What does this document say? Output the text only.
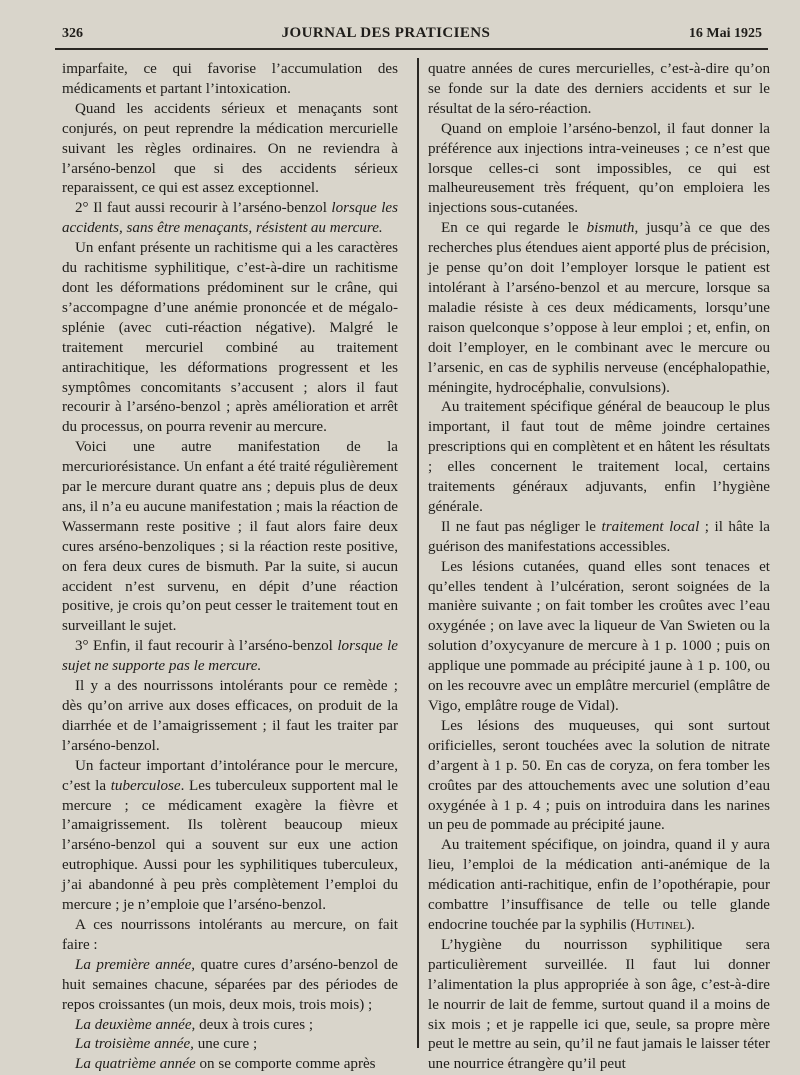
326	JOURNAL DES PRATICIENS	16 Mai 1925

imparfaite, ce qui favorise l’accumulation des médicaments et partant l’intoxication.

Quand les accidents sérieux et menaçants sont conjurés, on peut reprendre la médication mercurielle suivant les règles ordinaires. On ne reviendra à l’arséno-benzol que si des accidents sérieux reparaissent, ce qui est assez exceptionnel.

2° Il faut aussi recourir à l’arséno-benzol lorsque les accidents, sans être menaçants, résistent au mercure.

Un enfant présente un rachitisme qui a les caractères du rachitisme syphilitique, c’est-à-dire un rachitisme dont les déformations prédominent sur le crâne, qui s’accompagne d’une anémie prononcée et de mégalo-splénie (avec cuti-réaction négative). Malgré le traitement mercuriel combiné au traitement antirachitique, les déformations progressent et les symptômes concomitants s’accusent ; alors il faut recourir à l’arséno-benzol ; après amélioration et arrêt du processus, on pourra revenir au mercure.

Voici une autre manifestation de la mercuriorésistance. Un enfant a été traité régulièrement par le mercure durant quatre ans ; depuis plus de deux ans, il n’a eu aucune manifestation ; mais la réaction de Wassermann reste positive ; il faut alors faire deux cures arséno-benzoliques ; si la réaction reste positive, on fera deux cures de bismuth. Par la suite, si aucun accident n’est survenu, en dépit d’une réaction positive, je crois qu’on peut cesser le traitement tout en surveillant le sujet.

3° Enfin, il faut recourir à l’arséno-benzol lorsque le sujet ne supporte pas le mercure.

Il y a des nourrissons intolérants pour ce remède ; dès qu’on arrive aux doses efficaces, on produit de la diarrhée et de l’amaigrissement ; il faut les traiter par l’arséno-benzol.

Un facteur important d’intolérance pour le mercure, c’est la tuberculose. Les tuberculeux supportent mal le mercure ; ce médicament exagère la fièvre et l’amaigrissement. Ils tolèrent beaucoup mieux l’arséno-benzol qui a souvent sur eux une action eutrophique. Aussi pour les syphilitiques tuberculeux, j’ai abandonné à peu près complètement l’emploi du mercure ; je n’emploie que l’arséno-benzol.

A ces nourrissons intolérants au mercure, on fait faire :

La première année, quatre cures d’arséno-benzol de huit semaines chacune, séparées par des périodes de repos croissantes (un mois, deux mois, trois mois) ;

La deuxième année, deux à trois cures ;

La troisième année, une cure ;

La quatrième année on se comporte comme après

quatre années de cures mercurielles, c’est-à-dire qu’on se fonde sur la date des derniers accidents et sur le résultat de la séro-réaction.

Quand on emploie l’arséno-benzol, il faut donner la préférence aux injections intra-veineuses ; ce n’est que lorsque celles-ci sont impossibles, ce qui est malheureusement très fréquent, qu’on emploiera les injections sous-cutanées.

En ce qui regarde le bismuth, jusqu’à ce que des recherches plus étendues aient apporté plus de précision, je pense qu’on doit l’employer lorsque le patient est intolérant à l’arséno-benzol et au mercure, lorsque sa maladie résiste à ces deux médicaments, lorsqu’une raison quelconque s’oppose à leur emploi ; et, enfin, on doit l’employer, en le combinant avec le mercure ou l’arsenic, en cas de syphilis nerveuse (encéphalopathie, méningite, hydrocéphalie, convulsions).

Au traitement spécifique général de beaucoup le plus important, il faut tout de même joindre certaines prescriptions qui en complètent et en hâtent les résultats ; elles concernent le traitement local, certains traitements généraux adjuvants, enfin l’hygiène générale.

Il ne faut pas négliger le traitement local ; il hâte la guérison des manifestations accessibles.

Les lésions cutanées, quand elles sont tenaces et qu’elles tendent à l’ulcération, seront soignées de la manière suivante ; on fait tomber les croûtes avec l’eau oxygénée ; on lave avec la liqueur de Van Swieten ou la solution d’oxycyanure de mercure à 1 p. 1000 ; puis on applique une pommade au précipité jaune à 1 p. 100, ou on les recouvre avec un emplâtre mercuriel (emplâtre de Vigo, emplâtre rouge de Vidal).

Les lésions des muqueuses, qui sont surtout orificielles, seront touchées avec la solution de nitrate d’argent à 1 p. 50. En cas de coryza, on fera tomber les croûtes par des attouchements avec une solution d’eau oxygénée à 1 p. 4 ; puis on introduira dans les narines un peu de pommade au précipité jaune.

Au traitement spécifique, on joindra, quand il y aura lieu, l’emploi de la médication anti-anémique de la médication anti-rachitique, enfin de l’opothérapie, pour combattre l’insuffisance de telle ou telle glande endocrine touchée par la syphilis (Hutinel).

L’hygiène du nourrisson syphilitique sera particulièrement surveillée. Il faut lui donner l’alimentation la plus appropriée à son âge, c’est-à-dire le nourrir de lait de femme, surtout quand il a moins de six mois ; et je rappelle ici que, seule, sa propre mère peut le mettre au sein, qu’il ne faut jamais le laisser téter une nourrice étrangère qu’il peut
